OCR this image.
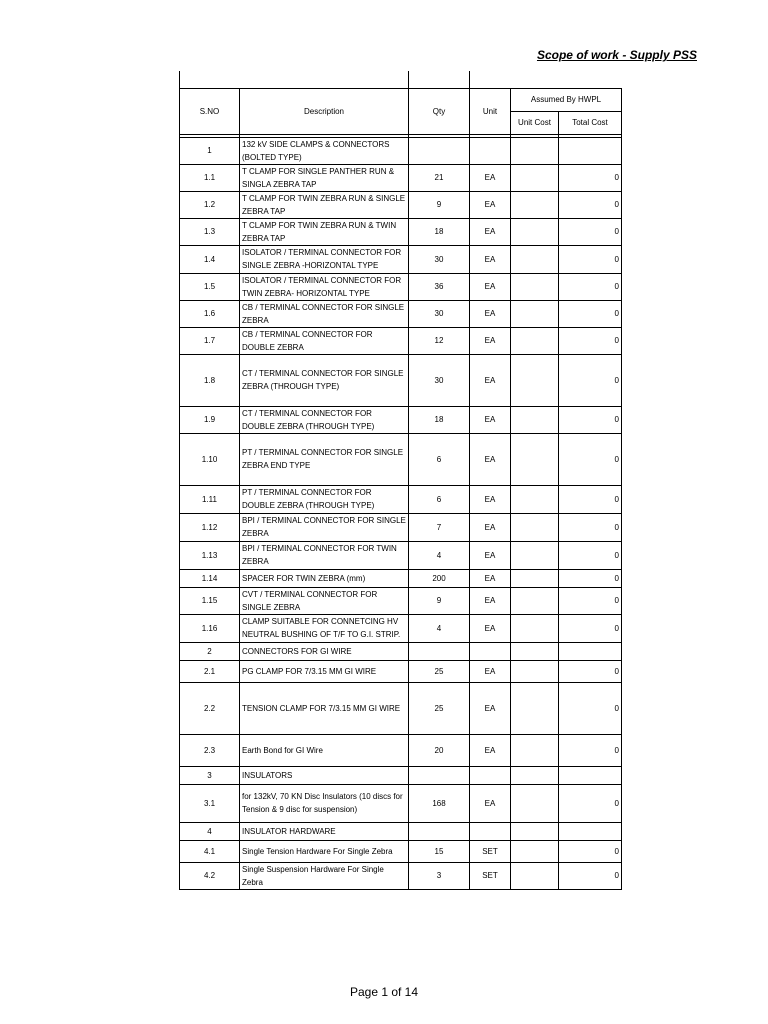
Scope of work - Supply PSS

S.NO	Description	Qty	Unit	Assumed By HWPL	
				Unit Cost	Total Cost

1	132 kV SIDE CLAMPS & CONNECTORS (BOLTED TYPE)				
1.1	T CLAMP FOR SINGLE PANTHER RUN & SINGLA ZEBRA TAP	21	EA		0
1.2	T CLAMP FOR TWIN ZEBRA RUN & SINGLE ZEBRA TAP	9	EA		0
1.3	T CLAMP FOR TWIN ZEBRA RUN & TWIN ZEBRA TAP	18	EA		0
1.4	ISOLATOR / TERMINAL CONNECTOR FOR SINGLE ZEBRA -HORIZONTAL TYPE	30	EA		0
1.5	ISOLATOR / TERMINAL CONNECTOR FOR TWIN ZEBRA- HORIZONTAL TYPE	36	EA		0
1.6	CB / TERMINAL CONNECTOR FOR SINGLE ZEBRA	30	EA		0
1.7	CB / TERMINAL CONNECTOR FOR DOUBLE ZEBRA	12	EA		0
1.8	CT / TERMINAL CONNECTOR FOR SINGLE ZEBRA (THROUGH TYPE)	30	EA		0
1.9	CT / TERMINAL CONNECTOR FOR DOUBLE ZEBRA (THROUGH TYPE)	18	EA		0
1.10	PT / TERMINAL CONNECTOR FOR SINGLE ZEBRA END TYPE	6	EA		0
1.11	PT / TERMINAL CONNECTOR FOR DOUBLE ZEBRA (THROUGH TYPE)	6	EA		0
1.12	BPI / TERMINAL CONNECTOR FOR SINGLE ZEBRA	7	EA		0
1.13	BPI / TERMINAL CONNECTOR FOR TWIN ZEBRA	4	EA		0
1.14	SPACER FOR TWIN ZEBRA (mm)	200	EA		0
1.15	CVT / TERMINAL CONNECTOR FOR SINGLE ZEBRA	9	EA		0
1.16	CLAMP SUITABLE FOR CONNETCING HV NEUTRAL BUSHING OF T/F TO G.I. STRIP.	4	EA		0
2	CONNECTORS FOR GI WIRE				
2.1	PG CLAMP FOR 7/3.15 MM GI WIRE	25	EA		0
2.2	TENSION CLAMP FOR 7/3.15 MM GI WIRE	25	EA		0
2.3	Earth Bond for GI Wire	20	EA		0
3	INSULATORS				
3.1	for 132kV, 70 KN Disc Insulators (10 discs for Tension & 9 disc for suspension)	168	EA		0
4	INSULATOR HARDWARE				
4.1	Single Tension Hardware For Single Zebra	15	SET		0
4.2	Single Suspension Hardware For Single Zebra	3	SET		0
Page 1 of 14
